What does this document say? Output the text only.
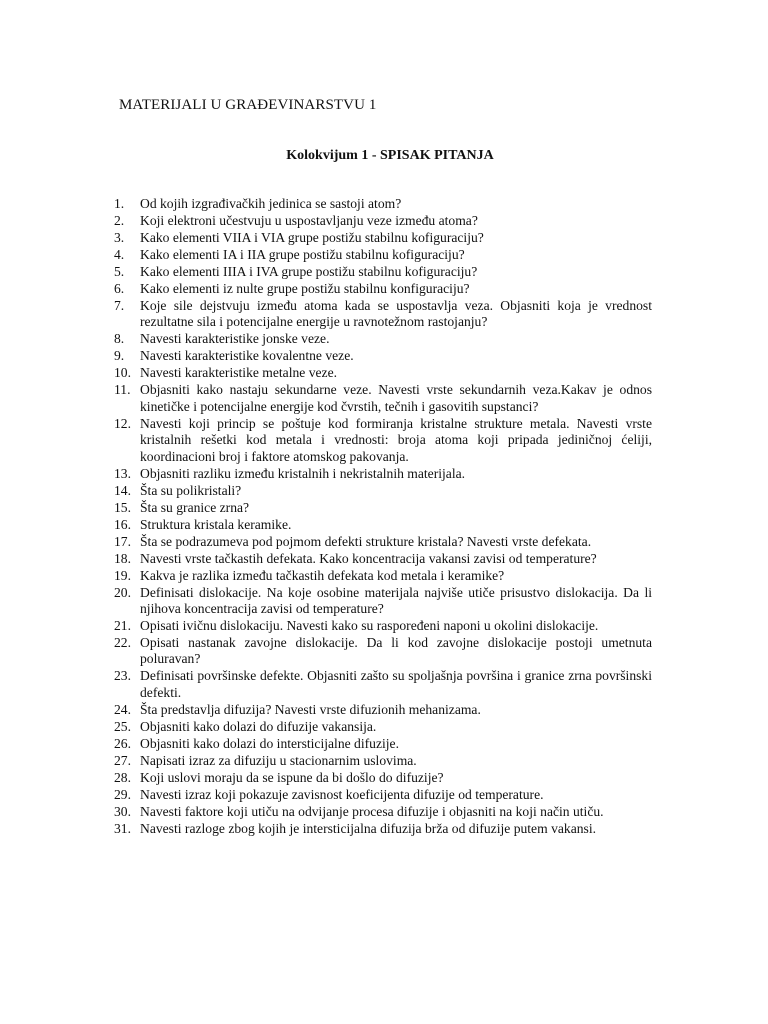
MATERIJALI U GRAĐEVINARSTVU 1
Kolokvijum 1 - SPISAK PITANJA
1.	Od kojih izgrađivačkih jedinica se sastoji atom?
2.	Koji elektroni učestvuju u uspostavljanju veze između atoma?
3.	Kako elementi VIIA i VIA grupe postižu stabilnu kofiguraciju?
4.	Kako elementi IA i IIA grupe postižu stabilnu kofiguraciju?
5.	Kako elementi IIIA i IVA grupe postižu stabilnu kofiguraciju?
6.	Kako elementi iz nulte grupe postižu stabilnu konfiguraciju?
7.	Koje sile dejstvuju između atoma kada se uspostavlja veza. Objasniti koja je vrednost rezultatne sila i potencijalne energije u ravnotežnom rastojanju?
8.	Navesti karakteristike jonske veze.
9.	Navesti karakteristike kovalentne veze.
10. Navesti karakteristike metalne veze.
11. Objasniti kako nastaju sekundarne veze. Navesti vrste sekundarnih veza.Kakav je odnos kinetičke i potencijalne energije kod čvrstih, tečnih i gasovitih supstanci?
12. Navesti koji princip se poštuje kod formiranja kristalne strukture metala. Navesti vrste kristalnih rešetki kod metala i vrednosti: broja atoma koji pripada jediničnoj ćeliji, koordinacioni broj i faktore atomskog pakovanja.
13. Objasniti razliku između kristalnih i nekristalnih materijala.
14. Šta su polikristali?
15. Šta su granice zrna?
16. Struktura kristala keramike.
17. Šta se podrazumeva pod pojmom defekti strukture kristala? Navesti vrste defekata.
18. Navesti vrste tačkastih defekata. Kako koncentracija vakansi zavisi od temperature?
19. Kakva je razlika između tačkastih defekata kod metala i keramike?
20. Definisati dislokacije. Na koje osobine materijala najviše utiče prisustvo dislokacija. Da li njihova koncentracija zavisi od temperature?
21. Opisati ivičnu dislokaciju. Navesti kako su raspoređeni naponi u okolini dislokacije.
22. Opisati nastanak zavojne dislokacije. Da li kod zavojne dislokacije postoji umetnuta poluravan?
23. Definisati površinske defekte. Objasniti zašto su spoljašnja površina i granice zrna površinski defekti.
24. Šta predstavlja difuzija? Navesti vrste difuzionih mehanizama.
25. Objasniti kako dolazi do difuzije vakansija.
26. Objasniti kako dolazi do intersticijalne difuzije.
27. Napisati izraz za difuziju u stacionarnim uslovima.
28. Koji uslovi moraju da se ispune da bi došlo do difuzije?
29. Navesti izraz koji pokazuje zavisnost koeficijenta difuzije od temperature.
30. Navesti faktore koji utiču na odvijanje procesa difuzije i objasniti na koji način utiču.
31. Navesti razloge zbog kojih je intersticijalna difuzija brža od difuzije putem vakansi.
